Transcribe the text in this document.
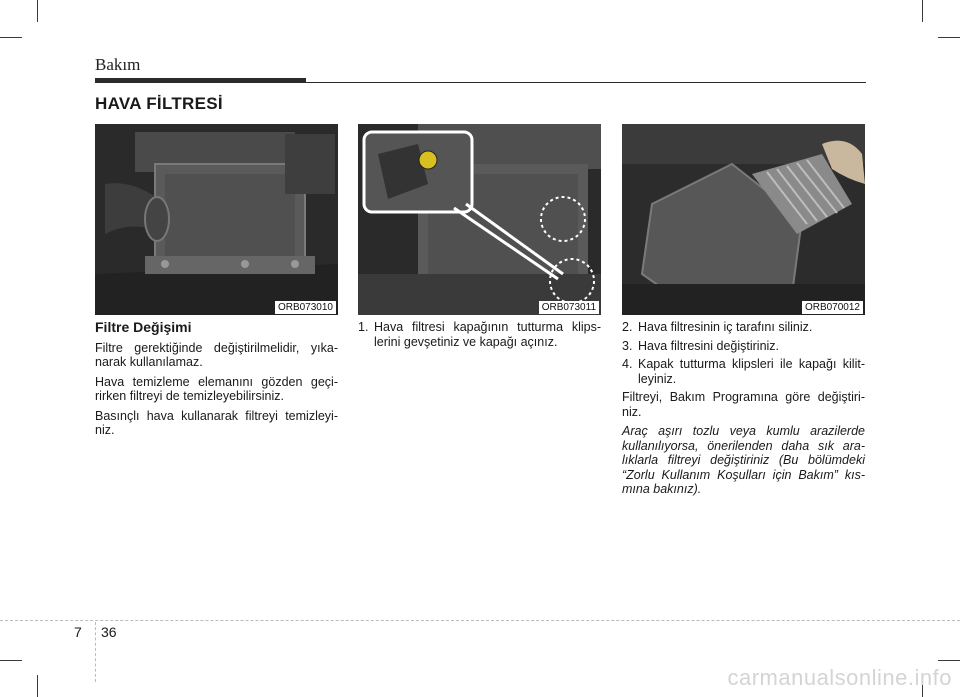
Bakım
HAVA FİLTRESİ
ORB073010	ORB073011	ORB070012
Filtre Değişimi

Filtre gerektiğinde değiştirilmelidir, yıka-narak kullanılamaz.

Hava temizleme elemanını gözden geçi-rirken filtreyi de temizleyebilirsiniz.

Basınçlı hava kullanarak filtreyi temizleyi-niz.

1. Hava filtresi kapağının tutturma klips-lerini gevşetiniz ve kapağı açınız.
2. Hava filtresinin iç tarafını siliniz.
3. Hava filtresini değiştiriniz.
4. Kapak tutturma klipsleri ile kapağı kilit-leyiniz.

Filtreyi, Bakım Programına göre değiştiri-niz.

Araç aşırı tozlu veya kumlu arazilerde kullanılıyorsa, önerilenden daha sık ara-lıklarla filtreyi değiştiriniz (Bu bölümdeki “Zorlu Kullanım Koşulları için Bakım” kıs-mına bakınız).

7 36
carmanualsonline.info
